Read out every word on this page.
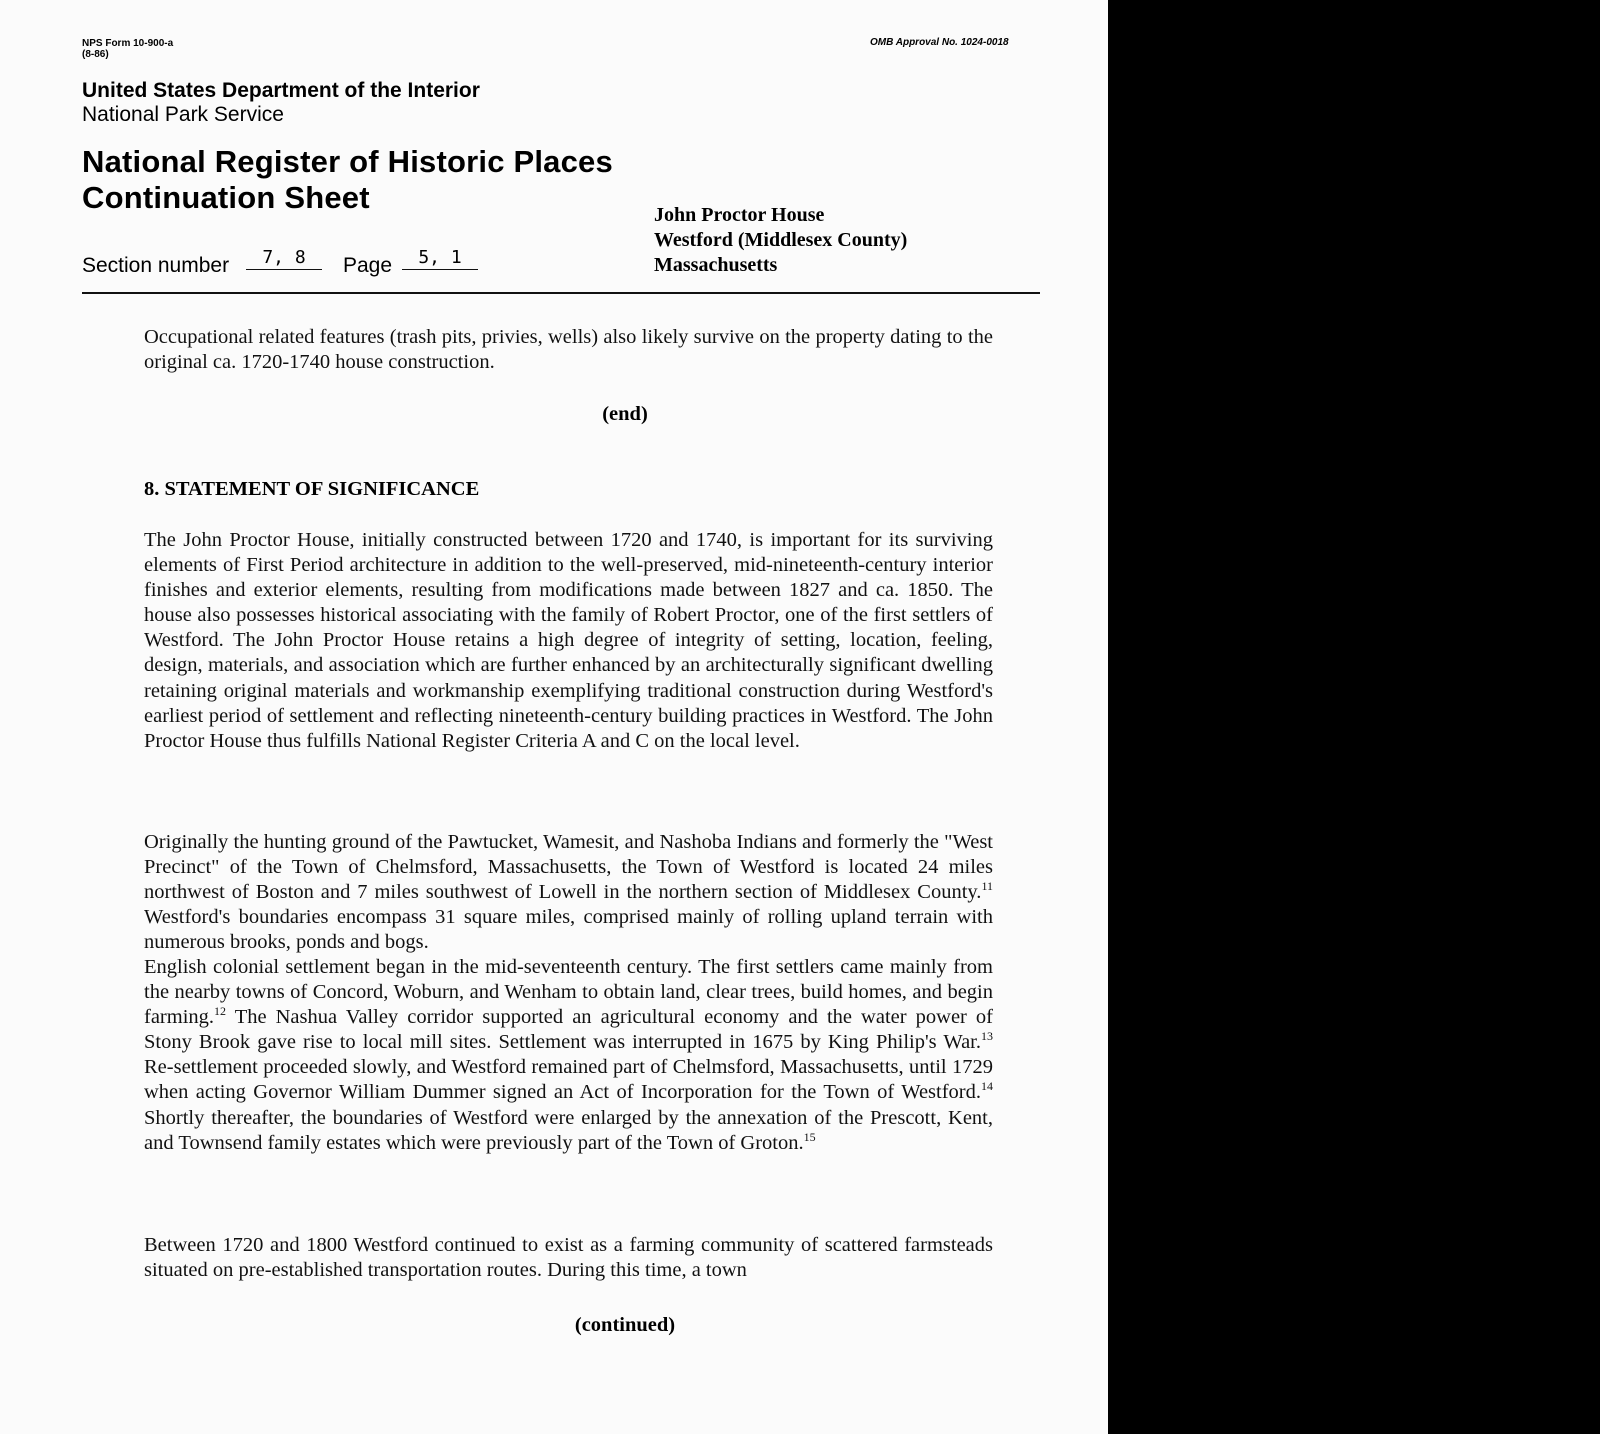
NPS Form 10-900-a
(8-86)
OMB Approval No. 1024-0018
United States Department of the Interior
National Park Service
National Register of Historic Places
Continuation Sheet
Section number	7, 8	Page	5, 1
John Proctor House
Westford (Middlesex County)
Massachusetts
Occupational related features (trash pits, privies, wells) also likely survive on the property dating to the original ca. 1720-1740 house construction.
(end)
8. STATEMENT OF SIGNIFICANCE
The John Proctor House, initially constructed between 1720 and 1740, is important for its surviving elements of First Period architecture in addition to the well-preserved, mid-nineteenth-century interior finishes and exterior elements, resulting from modifications made between 1827 and ca. 1850. The house also possesses historical associating with the family of Robert Proctor, one of the first settlers of Westford. The John Proctor House retains a high degree of integrity of setting, location, feeling, design, materials, and association which are further enhanced by an architecturally significant dwelling retaining original materials and workmanship exemplifying traditional construction during Westford's earliest period of settlement and reflecting nineteenth-century building practices in Westford. The John Proctor House thus fulfills National Register Criteria A and C on the local level.
Originally the hunting ground of the Pawtucket, Wamesit, and Nashoba Indians and formerly the "West Precinct" of the Town of Chelmsford, Massachusetts, the Town of Westford is located 24 miles northwest of Boston and 7 miles southwest of Lowell in the northern section of Middlesex County.$^{11}$ Westford's boundaries encompass 31 square miles, comprised mainly of rolling upland terrain with numerous brooks, ponds and bogs.
English colonial settlement began in the mid-seventeenth century. The first settlers came mainly from the nearby towns of Concord, Woburn, and Wenham to obtain land, clear trees, build homes, and begin farming.$^{12}$ The Nashua Valley corridor supported an agricultural economy and the water power of Stony Brook gave rise to local mill sites. Settlement was interrupted in 1675 by King Philip's War.$^{13}$ Re-settlement proceeded slowly, and Westford remained part of Chelmsford, Massachusetts, until 1729 when acting Governor William Dummer signed an Act of Incorporation for the Town of Westford.$^{14}$ Shortly thereafter, the boundaries of Westford were enlarged by the annexation of the Prescott, Kent, and Townsend family estates which were previously part of the Town of Groton.$^{15}$
Between 1720 and 1800 Westford continued to exist as a farming community of scattered farmsteads situated on pre-established transportation routes. During this time, a town
(continued)
